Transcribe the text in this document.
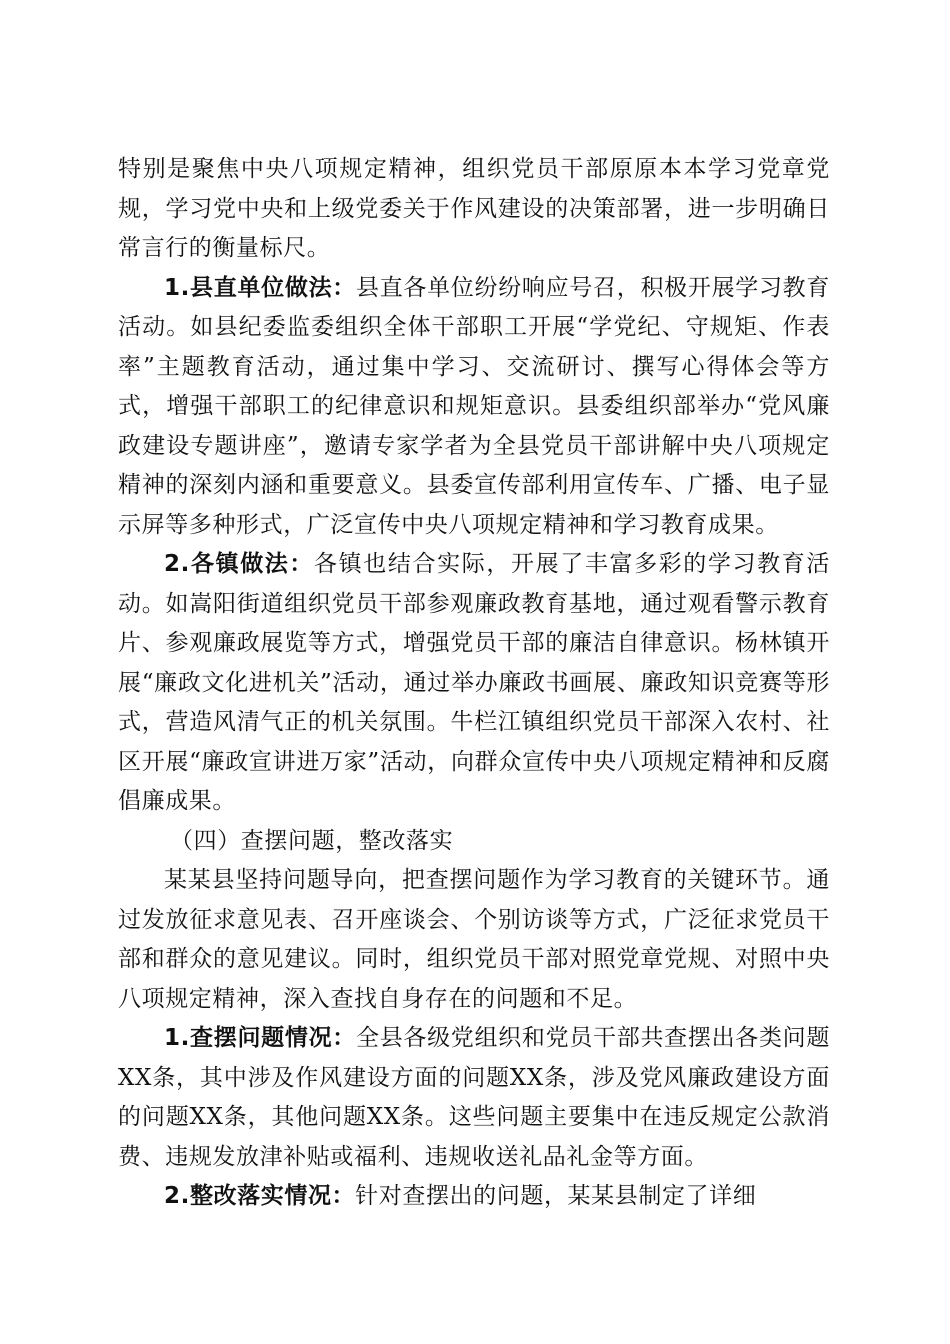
特别是聚焦中央八项规定精神，组织党员干部原原本本学习党章党规，学习党中央和上级党委关于作风建设的决策部署，进一步明确日常言行的衡量标尺。

1.县直单位做法：县直各单位纷纷响应号召，积极开展学习教育活动。如县纪委监委组织全体干部职工开展“学党纪、守规矩、作表率”主题教育活动，通过集中学习、交流研讨、撰写心得体会等方式，增强干部职工的纪律意识和规矩意识。县委组织部举办“党风廉政建设专题讲座”，邀请专家学者为全县党员干部讲解中央八项规定精神的深刻内涵和重要意义。县委宣传部利用宣传车、广播、电子显示屏等多种形式，广泛宣传中央八项规定精神和学习教育成果。

2.各镇做法：各镇也结合实际，开展了丰富多彩的学习教育活动。如嵩阳街道组织党员干部参观廉政教育基地，通过观看警示教育片、参观廉政展览等方式，增强党员干部的廉洁自律意识。杨林镇开展“廉政文化进机关”活动，通过举办廉政书画展、廉政知识竞赛等形式，营造风清气正的机关氛围。牛栏江镇组织党员干部深入农村、社区开展“廉政宣讲进万家”活动，向群众宣传中央八项规定精神和反腐倡廉成果。

（四）查摆问题，整改落实

某某县坚持问题导向，把查摆问题作为学习教育的关键环节。通过发放征求意见表、召开座谈会、个别访谈等方式，广泛征求党员干部和群众的意见建议。同时，组织党员干部对照党章党规、对照中央八项规定精神，深入查找自身存在的问题和不足。

1.查摆问题情况：全县各级党组织和党员干部共查摆出各类问题XX条，其中涉及作风建设方面的问题XX条，涉及党风廉政建设方面的问题XX条，其他问题XX条。这些问题主要集中在违反规定公款消费、违规发放津补贴或福利、违规收送礼品礼金等方面。

2.整改落实情况：针对查摆出的问题，某某县制定了详细
